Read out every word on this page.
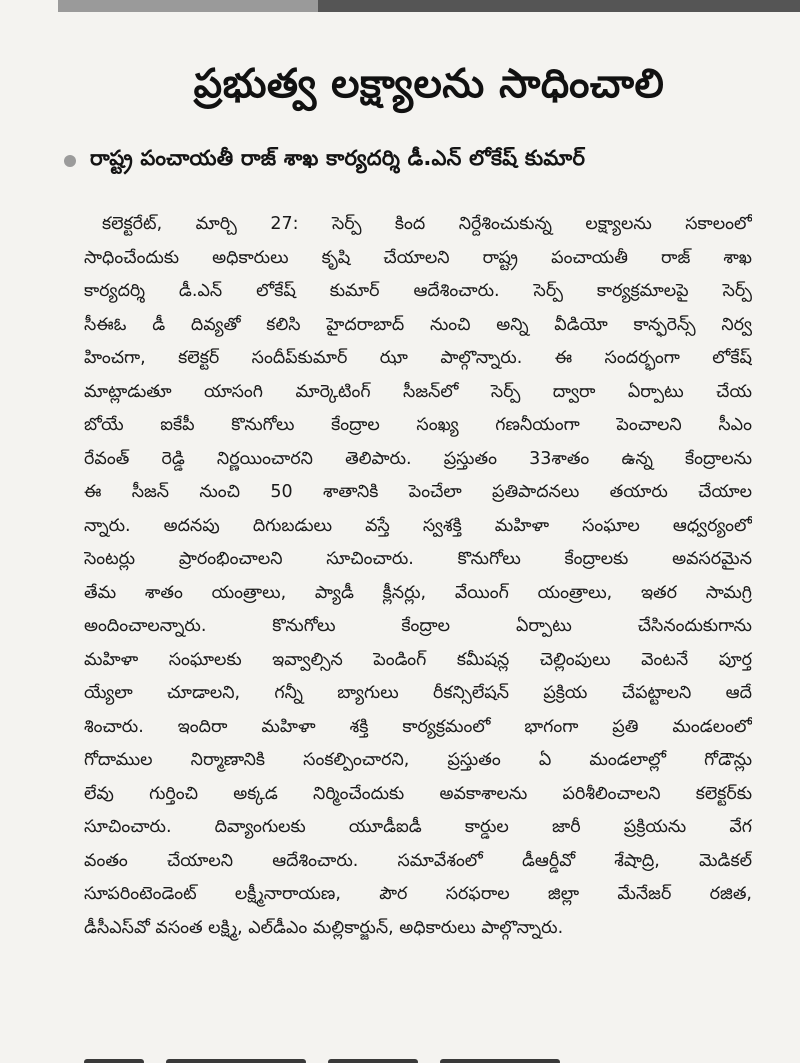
ప్రభుత్వ లక్ష్యాలను సాధించాలి
రాష్ట్ర పంచాయతీ రాజ్ శాఖ కార్యదర్శి డీ.ఎన్ లోకేష్ కుమార్
కలెక్టరేట్, మార్చి 27: సెర్ప్ కింద నిర్దేశించుకున్న లక్ష్యాలను సకాలంలో
సాధించేందుకు అధికారులు కృషి చేయాలని రాష్ట్ర పంచాయతీ రాజ్ శాఖ
కార్యదర్శి డీ.ఎన్ లోకేష్ కుమార్ ఆదేశించారు. సెర్ప్ కార్యక్రమాలపై సెర్ప్
సీఈఓ డీ దివ్యతో కలిసి హైదరాబాద్ నుంచి అన్ని వీడియో కాన్ఫరెన్స్ నిర్వ
హించగా, కలెక్టర్ సందీప్‌కుమార్ ఝా పాల్గొన్నారు. ఈ సందర్భంగా లోకేష్
మాట్లాడుతూ యాసంగి మార్కెటింగ్ సీజన్‌లో సెర్ప్ ద్వారా ఏర్పాటు చేయ
బోయే ఐకేపీ కొనుగోలు కేంద్రాల సంఖ్య గణనీయంగా పెంచాలని సీఎం
రేవంత్ రెడ్డి నిర్ణయించారని తెలిపారు. ప్రస్తుతం 33శాతం ఉన్న కేంద్రాలను
ఈ సీజన్ నుంచి 50 శాతానికి పెంచేలా ప్రతిపాదనలు తయారు చేయాల
న్నారు. అదనపు దిగుబడులు వస్తే స్వశక్తి మహిళా సంఘాల ఆధ్వర్యంలో
సెంటర్లు ప్రారంభించాలని సూచించారు. కొనుగోలు కేంద్రాలకు అవసరమైన
తేమ శాతం యంత్రాలు, ప్యాడీ క్లీనర్లు, వేయింగ్ యంత్రాలు, ఇతర సామగ్రి
అందించాలన్నారు. కొనుగోలు కేంద్రాల ఏర్పాటు చేసినందుకుగాను
మహిళా సంఘాలకు ఇవ్వాల్సిన పెండింగ్ కమీషన్ల చెల్లింపులు వెంటనే పూర్త
య్యేలా చూడాలని, గన్నీ బ్యాగులు రీకన్సిలేషన్ ప్రక్రియ చేపట్టాలని ఆదే
శించారు. ఇందిరా మహిళా శక్తి కార్యక్రమంలో భాగంగా ప్రతి మండలంలో
గోదాముల నిర్మాణానికి సంకల్పించారని, ప్రస్తుతం ఏ మండలాల్లో గోడౌన్లు
లేవు గుర్తించి అక్కడ నిర్మించేందుకు అవకాశాలను పరిశీలించాలని కలెక్టర్‌కు
సూచించారు. దివ్యాంగులకు యూడీఐడీ కార్డుల జారీ ప్రక్రియను వేగ
వంతం చేయాలని ఆదేశించారు. సమావేశంలో డీఆర్డీవో శేషాద్రి, మెడికల్
సూపరింటెండెంట్ లక్ష్మీనారాయణ, పౌర సరఫరాల జిల్లా మేనేజర్ రజిత,
డీసీఎస్‌వో వసంత లక్ష్మి, ఎల్‌డీఎం మల్లికార్జున్, అధికారులు పాల్గొన్నారు.
